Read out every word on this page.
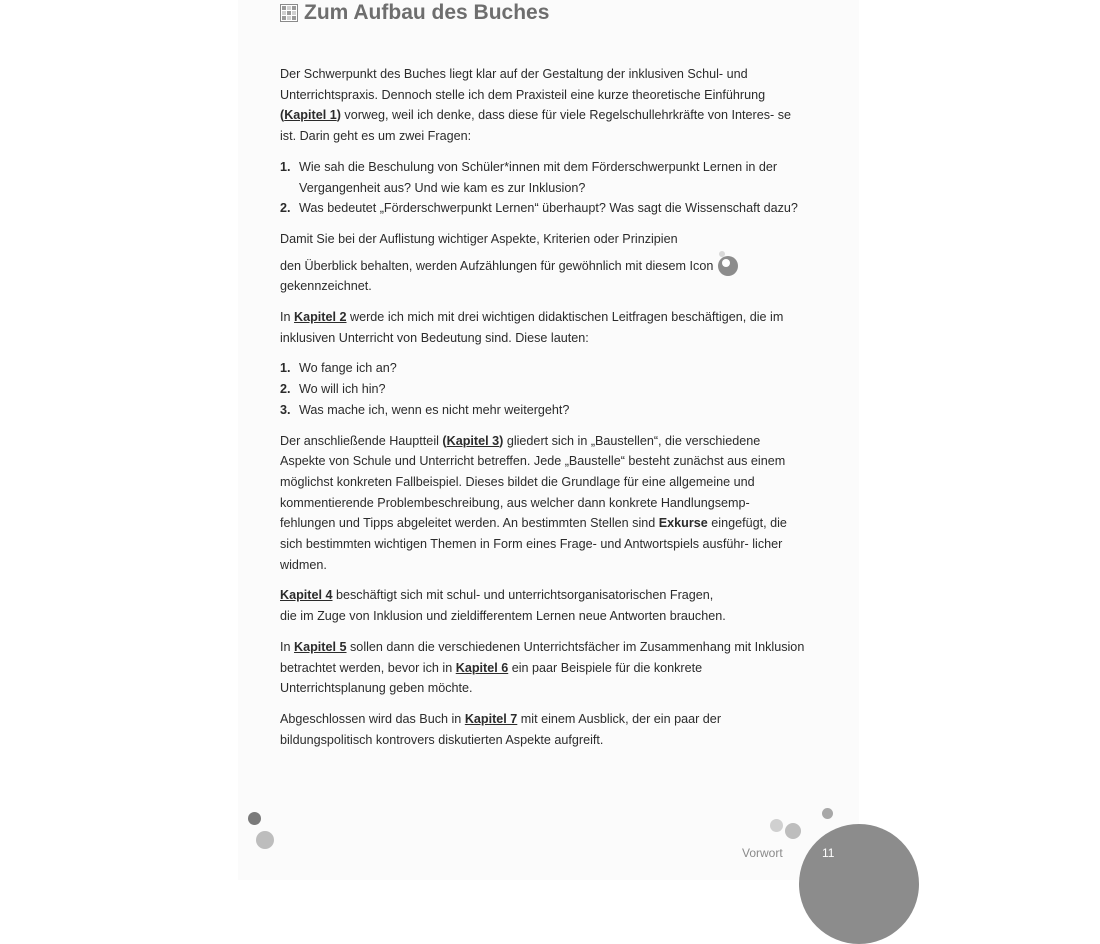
Zum Aufbau des Buches

Der Schwerpunkt des Buches liegt klar auf der Gestaltung der inklusiven Schul- und Unterrichtspraxis. Dennoch stelle ich dem Praxisteil eine kurze theoretische Einführung (Kapitel 1) vorweg, weil ich denke, dass diese für viele Regelschullehrkräfte von Interes- se ist. Darin geht es um zwei Fragen:

1. Wie sah die Beschulung von Schüler*innen mit dem Förderschwerpunkt Lernen in der Vergangenheit aus? Und wie kam es zur Inklusion?
2. Was bedeutet „Förderschwerpunkt Lernen“ überhaupt? Was sagt die Wissenschaft dazu?

Damit Sie bei der Auflistung wichtiger Aspekte, Kriterien oder Prinzipien
den Überblick behalten, werden Aufzählungen für gewöhnlich mit diesem Icon
gekennzeichnet.

In Kapitel 2 werde ich mich mit drei wichtigen didaktischen Leitfragen beschäftigen, die im inklusiven Unterricht von Bedeutung sind. Diese lauten:

1. Wo fange ich an?
2. Wo will ich hin?
3. Was mache ich, wenn es nicht mehr weitergeht?

Der anschließende Hauptteil (Kapitel 3) gliedert sich in „Baustellen“, die verschiedene Aspekte von Schule und Unterricht betreffen. Jede „Baustelle“ besteht zunächst aus einem möglichst konkreten Fallbeispiel. Dieses bildet die Grundlage für eine allgemeine und kommentierende Problembeschreibung, aus welcher dann konkrete Handlungsemp- fehlungen und Tipps abgeleitet werden. An bestimmten Stellen sind Exkurse eingefügt, die sich bestimmten wichtigen Themen in Form eines Frage- und Antwortspiels ausführ- licher widmen.

Kapitel 4 beschäftigt sich mit schul- und unterrichtsorganisatorischen Fragen,
die im Zuge von Inklusion und zieldifferentem Lernen neue Antworten brauchen.

In Kapitel 5 sollen dann die verschiedenen Unterrichtsfächer im Zusammenhang mit Inklusion betrachtet werden, bevor ich in Kapitel 6 ein paar Beispiele für die konkrete Unterrichtsplanung geben möchte.

Abgeschlossen wird das Buch in Kapitel 7 mit einem Ausblick, der ein paar der bildungspolitisch kontrovers diskutierten Aspekte aufgreift.

Vorwort	11
